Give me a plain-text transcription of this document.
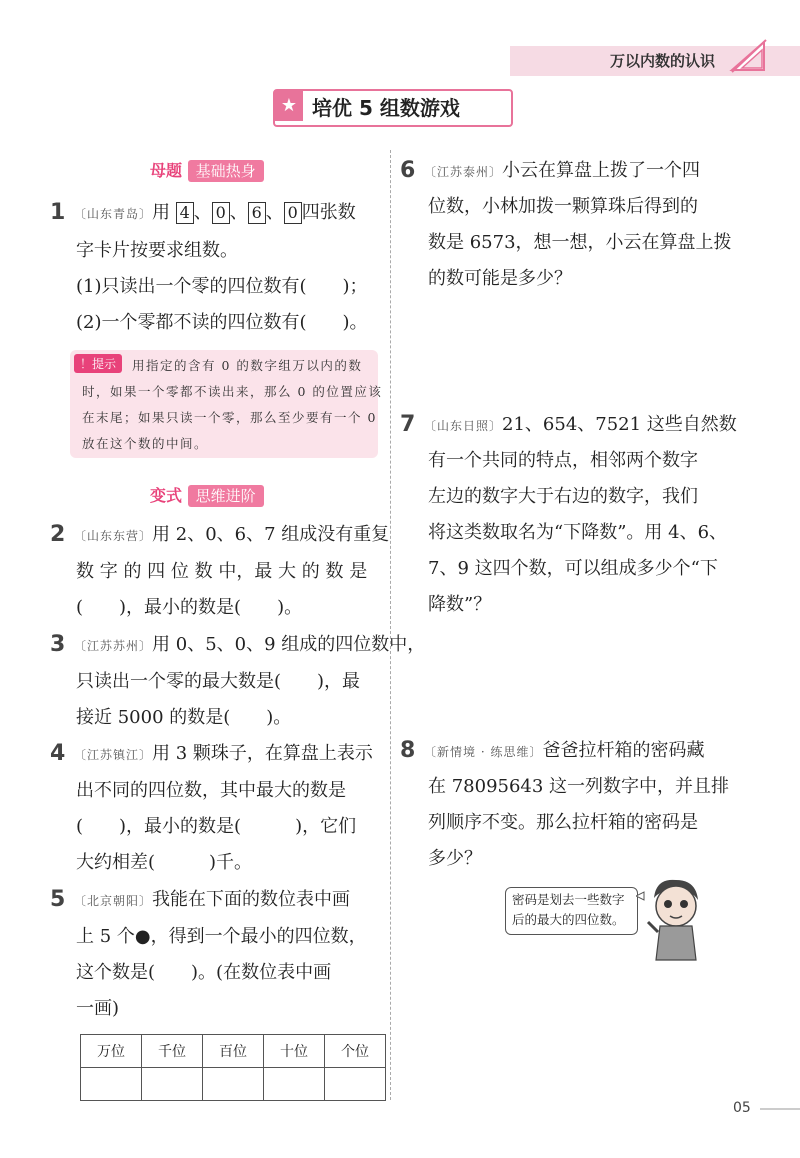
万以内数的认识
★ 培优 5 组数游戏
母题 基础热身
1 〔山东青岛〕用 4 、 0 、 6 、 0 四张数
字卡片按要求组数。
(1)只读出一个零的四位数有(　　)；
(2)一个零都不读的四位数有(　　)。
！提示	用指定的含有 0 的数字组万以内的数
时，如果一个零都不读出来，那么 0 的位置应该
在末尾；如果只读一个零，那么至少要有一个 0
放在这个数的中间。
变式 思维进阶
2 〔山东东营〕用 2、0、6、7 组成没有重复
数 字 的 四 位 数 中，最 大 的 数 是
(　　)，最小的数是(　　)。
3 〔江苏苏州〕用 0、5、0、9 组成的四位数中，
只读出一个零的最大数是(　　)，最
接近 5000 的数是(　　)。
4 〔江苏镇江〕用 3 颗珠子，在算盘上表示
出不同的四位数，其中最大的数是
(　　)，最小的数是(　　　)，它们
大约相差(　　　)千。
5 〔北京朝阳〕我能在下面的数位表中画
上 5 个●，得到一个最小的四位数，
这个数是(　　)。(在数位表中画
一画)
万位	千位	百位	十位	个位

6 〔江苏泰州〕小云在算盘上拨了一个四
位数，小林加拨一颗算珠后得到的
数是 6573，想一想，小云在算盘上拨
的数可能是多少？
7 〔山东日照〕21、654、7521 这些自然数
有一个共同的特点，相邻两个数字
左边的数字大于右边的数字，我们
将这类数取名为“下降数”。用 4、6、
7、9 这四个数，可以组成多少个“下
降数”？
8 〔新情境 · 练思维〕爸爸拉杆箱的密码藏
在 78095643 这一列数字中，并且排
列顺序不变。那么拉杆箱的密码是
多少？
密码是划去一些数字
后的最大的四位数。
05
